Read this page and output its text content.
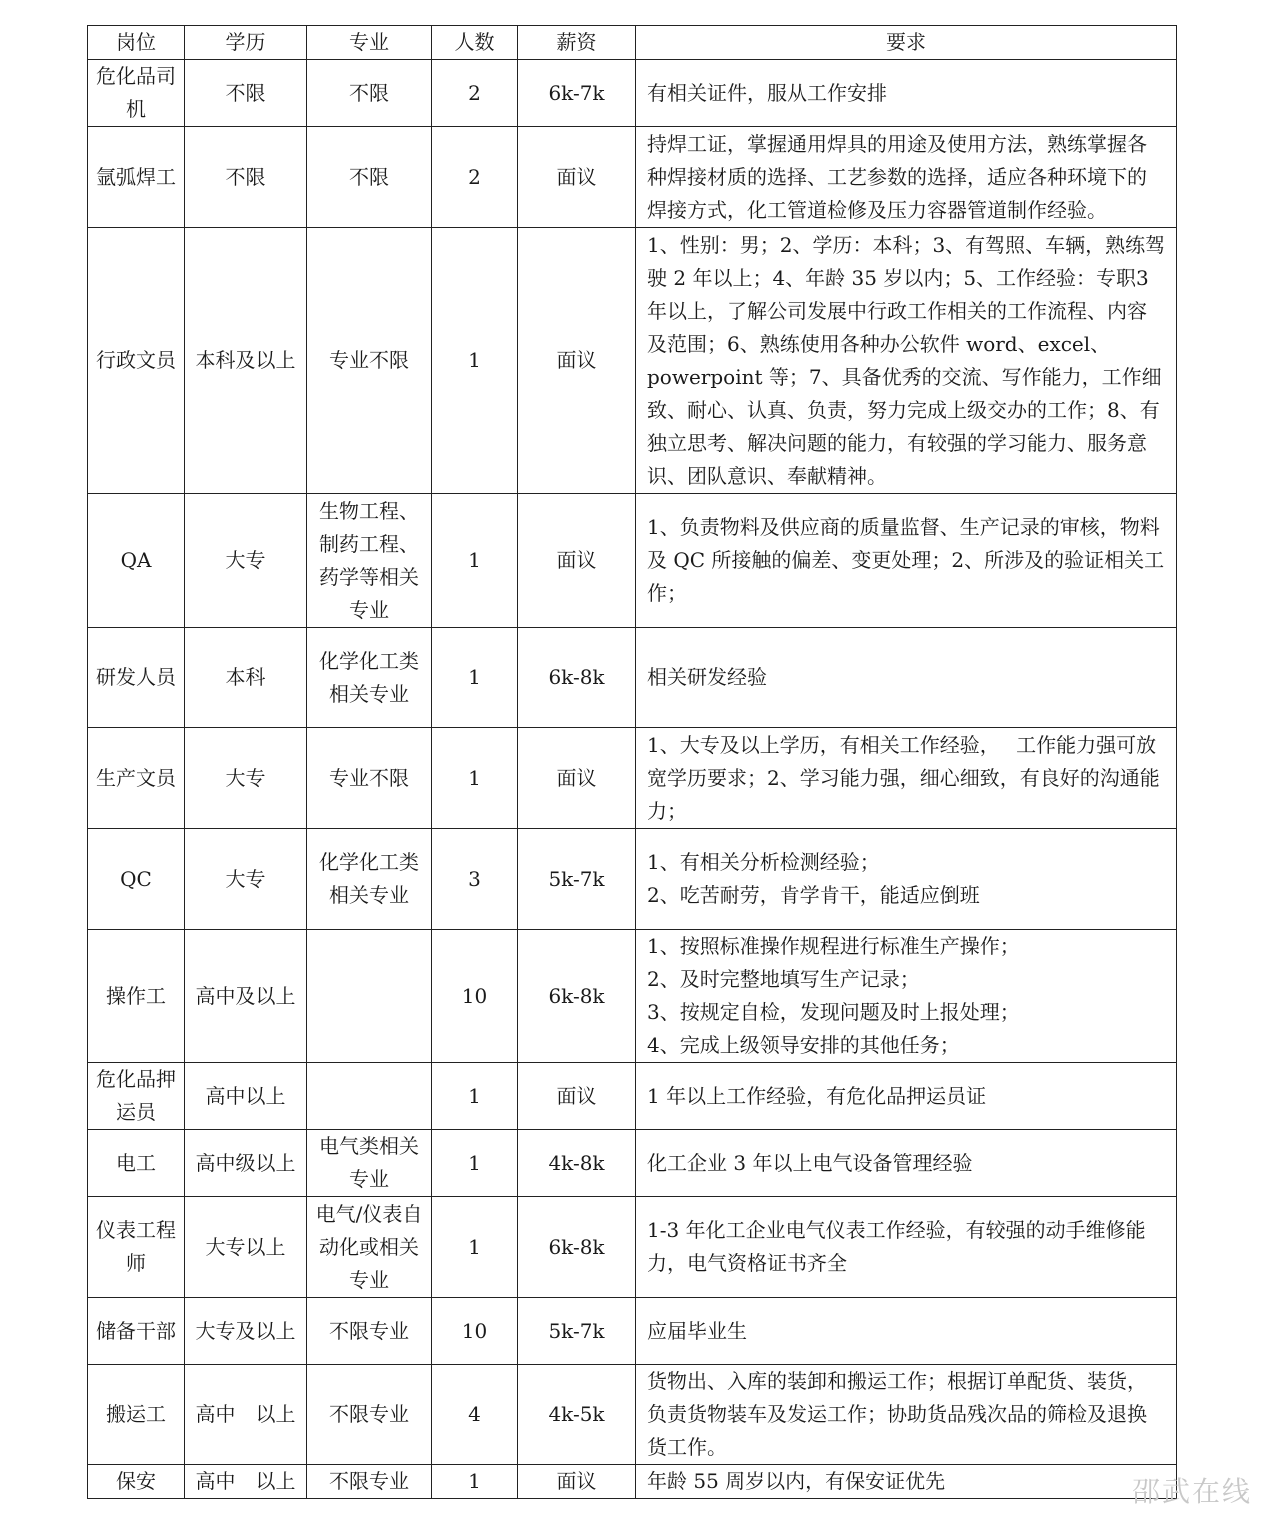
岗位	学历	专业	人数	薪资	要求
危化品司机	不限	不限	2	6k-7k	有相关证件，服从工作安排

氩弧焊工	不限	不限	2	面议	持焊工证，掌握通用焊具的用途及使用方法，熟练掌握各种焊接材质的选择、工艺参数的选择，适应各种环境下的焊接方式，化工管道检修及压力容器管道制作经验。

行政文员	本科及以上	专业不限	1	面议	1、性别：男；2、学历：本科；3、有驾照、车辆，熟练驾驶 2 年以上；4、年龄 35 岁以内；5、工作经验：专职3 年以上，了解公司发展中行政工作相关的工作流程、内容及范围；6、熟练使用各种办公软件 word、excel、powerpoint 等；7、具备优秀的交流、写作能力，工作细致、耐心、认真、负责，努力完成上级交办的工作；8、有独立思考、解决问题的能力，有较强的学习能力、服务意识、团队意识、奉献精神。

QA	大专	生物工程、制药工程、药学等相关专业	1	面议	1、负责物料及供应商的质量监督、生产记录的审核，物料及 QC 所接触的偏差、变更处理；2、所涉及的验证相关工作；

研发人员	本科	化学化工类相关专业	1	6k-8k	相关研发经验

生产文员	大专	专业不限	1	面议	1、大专及以上学历，有相关工作经验，　 工作能力强可放宽学历要求；2、学习能力强，细心细致，有良好的沟通能力；

QC	大专	化学化工类　 相关专业	3	5k-7k	1、有相关分析检测经验；
2、吃苦耐劳，肯学肯干，能适应倒班

操作工	高中及以上		10	6k-8k	1、按照标准操作规程进行标准生产操作；
2、及时完整地填写生产记录；
3、按规定自检，发现问题及时上报处理；
4、完成上级领导安排的其他任务；

危化品押运员	高中以上		1	面议	1 年以上工作经验，有危化品押运员证

电工	高中级以上	电气类相关专业	1	4k-8k	化工企业 3 年以上电气设备管理经验

仪表工程师	大专以上	电气/仪表自动化或相关专业	1	6k-8k	1-3 年化工企业电气仪表工作经验，有较强的动手维修能力，电气资格证书齐全

储备干部	大专及以上	不限专业	10	5k-7k	应届毕业生

搬运工	高中　以上	不限专业	4	4k-5k	货物出、入库的装卸和搬运工作；根据订单配货、装货，负责货物装车及发运工作；协助货品残次品的筛检及退换货工作。

保安	高中　以上	不限专业	1	面议	年龄 55 周岁以内，有保安证优先	邵武在线
